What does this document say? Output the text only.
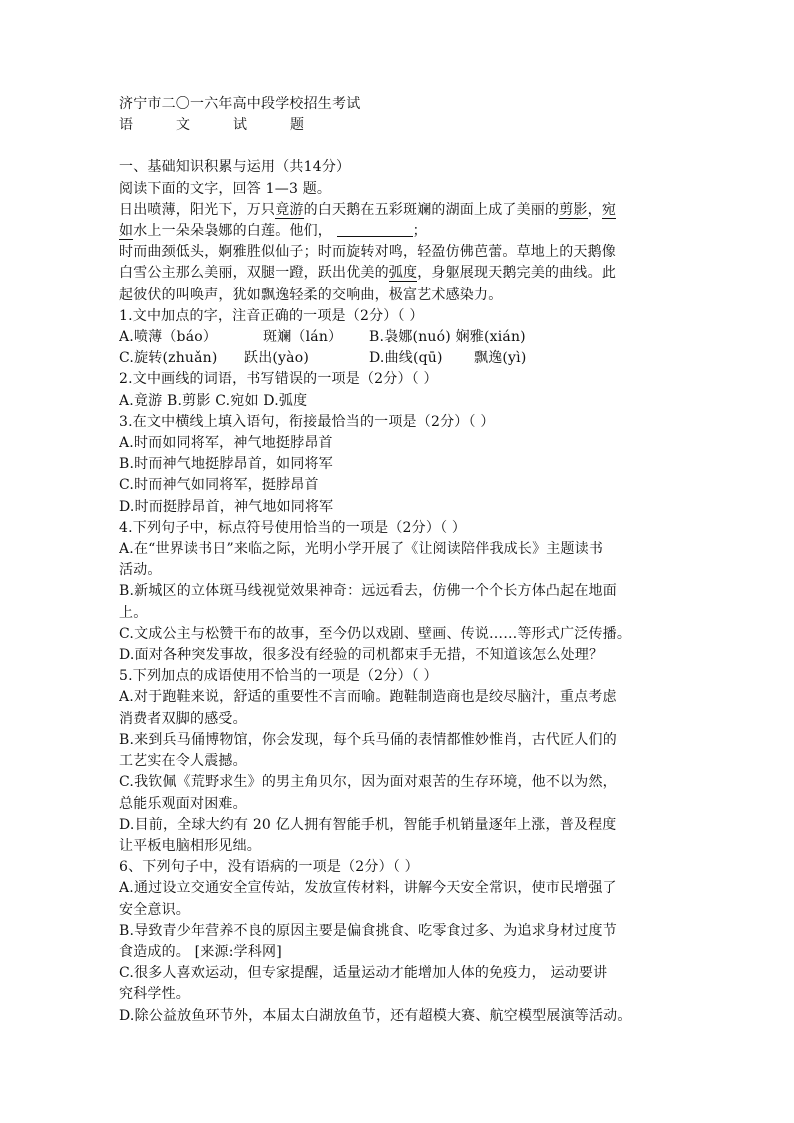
济宁市二〇一六年高中段学校招生考试
语	文	试	题
一、基础知识积累与运用（共14分）
阅读下面的文字，回答 1—3 题。
日出喷薄，阳光下，万只竟游的白天鹅在五彩斑斓的湖面上成了美丽的剪影，宛
如水上一朵朵袅娜的白莲。他们，	；
时而曲颈低头，婀雅胜似仙子；时而旋转对鸣，轻盈仿佛芭蕾。草地上的天鹅像
白雪公主那么美丽，双腿一蹬，跃出优美的弧度，身躯展现天鹅完美的曲线。此
起彼伏的叫唤声，犹如飘逸轻柔的交响曲，极富艺术感染力。
1.文中加点的字，注音正确的一项是（2分）（ ）
A.喷薄（báo）	斑斓（lán） B.袅娜(nuó) 娴雅(xián)
C.旋转(zhuǎn) 跃出(yào)	D.曲线(qū) 飘逸(yì)
2.文中画线的词语，书写错误的一项是（2分）（ ）
A.竟游 B.剪影 C.宛如 D.弧度
3.在文中横线上填入语句，衔接最恰当的一项是（2分）（ ）
A.时而如同将军，神气地挺脖昂首
B.时而神气地挺脖昂首，如同将军
C.时而神气如同将军，挺脖昂首
D.时而挺脖昂首，神气地如同将军
4.下列句子中，标点符号使用恰当的一项是（2分）（ ）
A.在“世界读书日”来临之际，光明小学开展了《让阅读陪伴我成长》主题读书
活动。
B.新城区的立体斑马线视觉效果神奇：远远看去，仿佛一个个长方体凸起在地面
上。
C.文成公主与松赞干布的故事，至今仍以戏剧、壁画、传说……等形式广泛传播。
D.面对各种突发事故，很多没有经验的司机都束手无措，不知道该怎么处理？
5.下列加点的成语使用不恰当的一项是（2分）（ ）
A.对于跑鞋来说，舒适的重要性不言而喻。跑鞋制造商也是绞尽脑汁，重点考虑
消费者双脚的感受。
B.来到兵马俑博物馆，你会发现，每个兵马俑的表情都惟妙惟肖，古代匠人们的
工艺实在令人震撼。
C.我钦佩《荒野求生》的男主角贝尔，因为面对艰苦的生存环境，他不以为然，
总能乐观面对困难。
D.目前，全球大约有 20 亿人拥有智能手机，智能手机销量逐年上涨，普及程度
让平板电脑相形见绌。
6、下列句子中，没有语病的一项是（2分）（ ）
A.通过设立交通安全宣传站，发放宣传材料，讲解今天安全常识，使市民增强了
安全意识。
B.导致青少年营养不良的原因主要是偏食挑食、吃零食过多、为追求身材过度节
食造成的。 [来源:学科网]
C.很多人喜欢运动，但专家提醒，适量运动才能增加人体的免疫力， 运动要讲
究科学性。
D.除公益放鱼环节外，本届太白湖放鱼节，还有超模大赛、航空模型展演等活动。
